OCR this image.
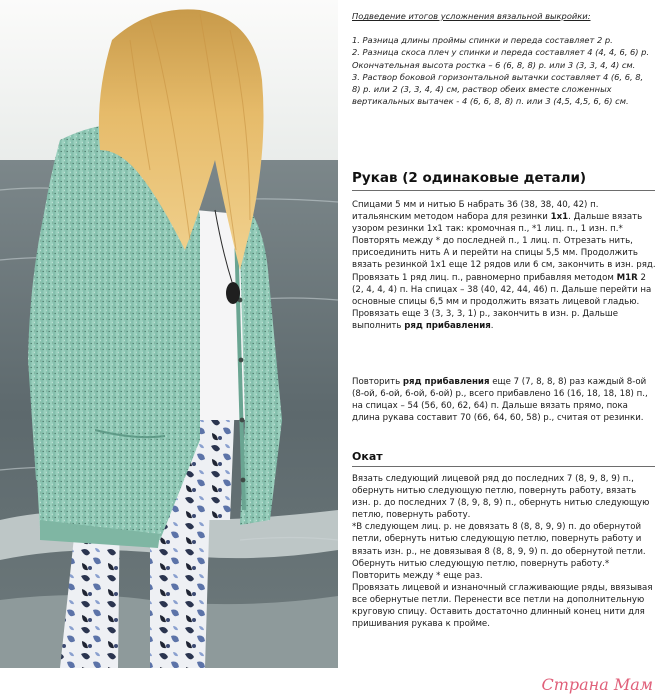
Подведение итогов усложнения вязальной выкройки:

1. Разница длины проймы спинки и переда составляет 2 р.

2. Разница скоса плеч у спинки и переда составляет 4 (4, 4, 6, 6) р. Окончательная высота ростка – 6 (6, 8, 8) р. или 3 (3, 3, 4, 4) см.

3. Раствор боковой горизонтальной вытачки составляет 4 (6, 6, 8, 8) р. или 2 (3, 3, 4, 4) см, раствор обеих вместе сложенных вертикальных вытачек - 4 (6, 6, 8, 8) п. или 3 (4,5, 4,5, 6, 6) см.

Рукав (2 одинаковые детали)

Спицами 5 мм и нитью Б набрать 36 (38, 38, 40, 42) п. итальянским методом набора для резинки 1x1. Дальше вязать узором резинки 1x1 так: кромочная п., *1 лиц. п., 1 изн. п.* Повторять между * до последней п., 1 лиц. п. Отрезать нить, присоединить нить А и перейти на спицы 5,5 мм. Продолжить вязать резинкой 1x1 еще 12 рядов или 6 см, закончить в изн. ряд. Провязать 1 ряд лиц. п., равномерно прибавляя методом M1R 2 (2, 4, 4, 4) п. На спицах – 38 (40, 42, 44, 46) п. Дальше перейти на основные спицы 6,5 мм и продолжить вязать лицевой гладью. Провязать еще 3 (3, 3, 3, 1) р., закончить в изн. р. Дальше выполнить ряд прибавления.

Повторить ряд прибавления еще 7 (7, 8, 8, 8) раз каждый 8-ой (8-ой, 6-ой, 6-ой, 6-ой) р., всего прибавлено 16 (16, 18, 18, 18) п., на спицах – 54 (56, 60, 62, 64) п. Дальше вязать прямо, пока длина рукава составит 70 (66, 64, 60, 58) р., считая от резинки.

Окат

Вязать следующий лицевой ряд до последних 7 (8, 9, 8, 9) п., обернуть нитью следующую петлю, повернуть работу, вязать изн. р. до последних 7 (8, 9, 8, 9) п., обернуть нитью следующую петлю, повернуть работу.

*В следующем лиц. р. не довязать 8 (8, 8, 9, 9) п. до обернутой петли, обернуть нитью следующую петлю, повернуть работу и вязать изн. р., не довязывая 8 (8, 8, 9, 9) п. до обернутой петли. Обернуть нитью следующую петлю, повернуть работу.*

Повторить между * еще раз.

Провязать лицевой и изнаночный сглаживающие ряды, ввязывая все обернутые петли. Перенести все петли на дополнительную круговую спицу. Оставить достаточно длинный конец нити для пришивания рукава к пройме.

Страна Мам
